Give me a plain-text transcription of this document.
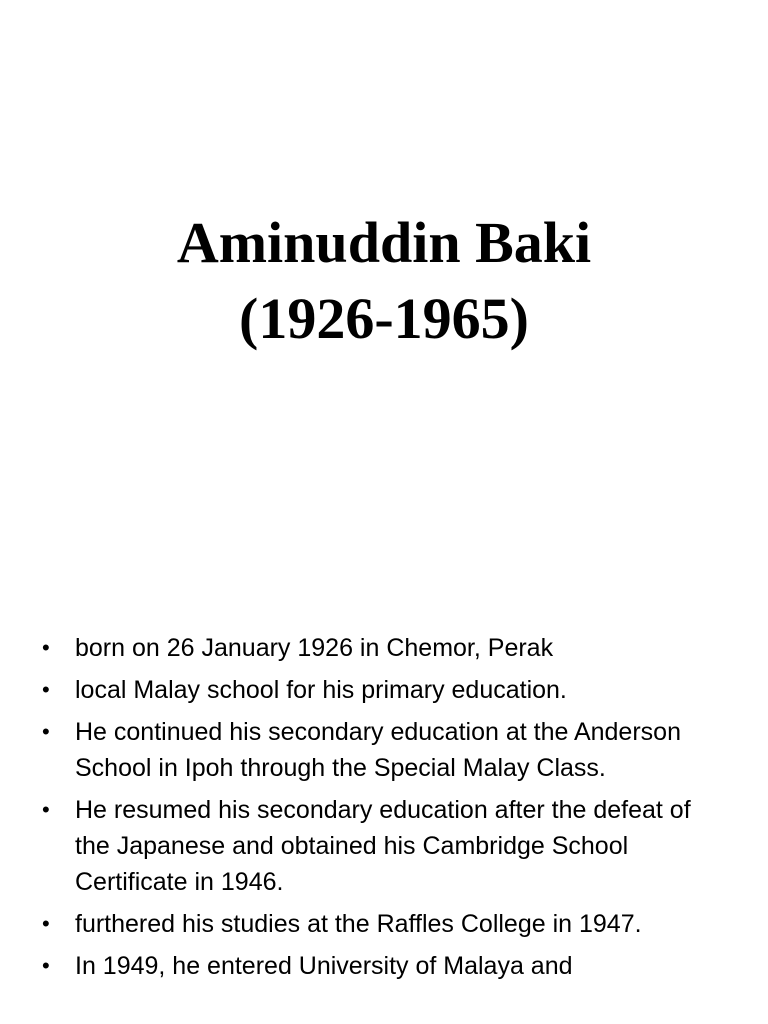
Aminuddin Baki
(1926-1965)
• born on 26 January 1926 in Chemor, Perak
• local Malay school for his primary education.
• He continued his secondary education at the Anderson School in Ipoh through the Special Malay Class.
• He resumed his secondary education after the defeat of the Japanese and obtained his Cambridge School Certificate in 1946.
• furthered his studies at the Raffles College in 1947.
• In 1949, he entered University of Malaya and
